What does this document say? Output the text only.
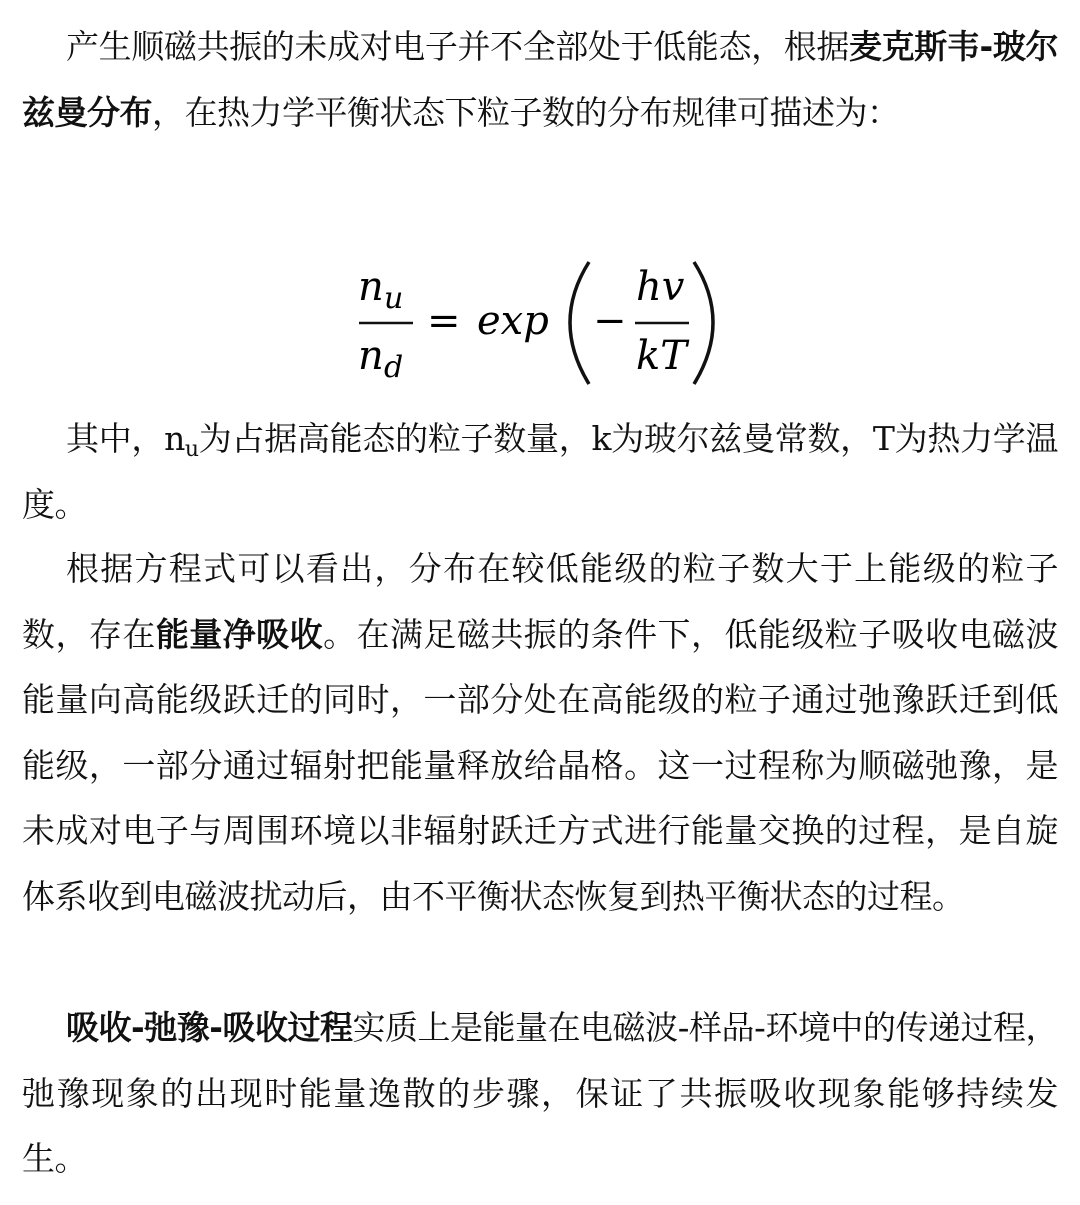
产生顺磁共振的未成对电子并不全部处于低能态，根据麦克斯韦-玻尔兹曼分布，在热力学平衡状态下粒子数的分布规律可描述为：

n u
n d
= exp −
hv
kT

其中，$n_u$为占据高能态的粒子数量，k为玻尔兹曼常数，T为热力学温度。

根据方程式可以看出，分布在较低能级的粒子数大于上能级的粒子数，存在能量净吸收。在满足磁共振的条件下，低能级粒子吸收电磁波能量向高能级跃迁的同时，一部分处在高能级的粒子通过弛豫跃迁到低能级，一部分通过辐射把能量释放给晶格。这一过程称为顺磁弛豫，是未成对电子与周围环境以非辐射跃迁方式进行能量交换的过程，是自旋体系收到电磁波扰动后，由不平衡状态恢复到热平衡状态的过程。

吸收-弛豫-吸收过程实质上是能量在电磁波-样品-环境中的传递过程，弛豫现象的出现时能量逸散的步骤，保证了共振吸收现象能够持续发生。
